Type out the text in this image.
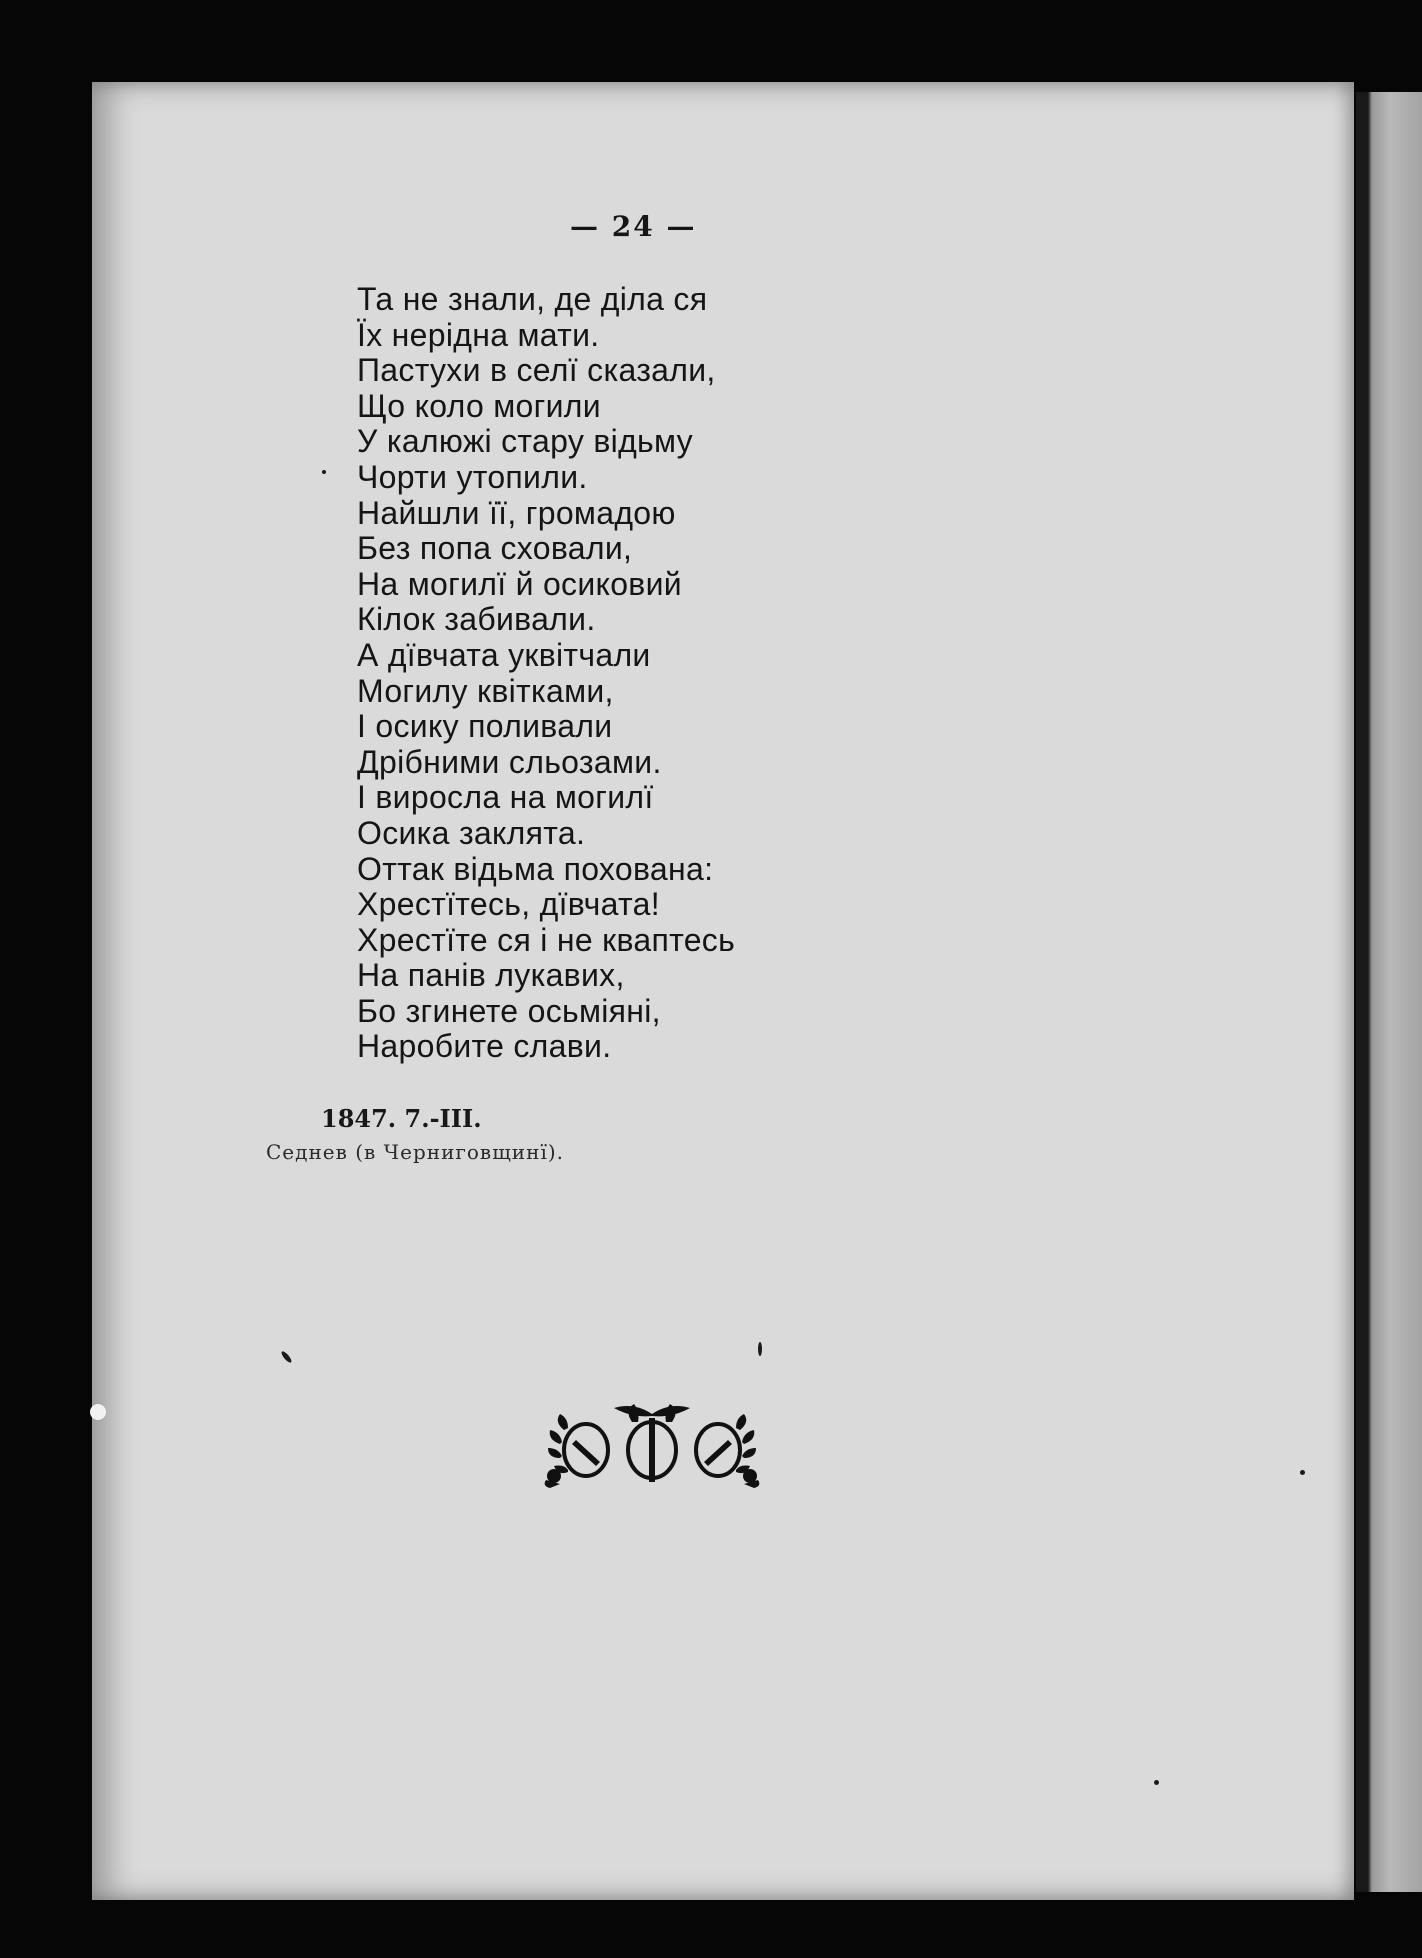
— 24 —
Та не знали, де діла ся
Їх нерідна мати.
Пастухи в селї сказали,
Що коло могили
У калюжі стару відьму
Чорти утопили.
Найшли її, громадою
Без попа сховали,
На могилї й осиковий
Кілок забивали.
А дївчата уквітчали
Могилу квітками,
І осику поливали
Дрібними сльозами.
І виросла на могилї
Осика заклята.
Оттак відьма похована:
Хрестїтесь, дївчата!
Хрестїте ся і не кваптесь
На панів лукавих,
Бо згинете осьміяні,
Наробите слави.
1847. 7.-III.
Седнев (в Черниговщинї).
